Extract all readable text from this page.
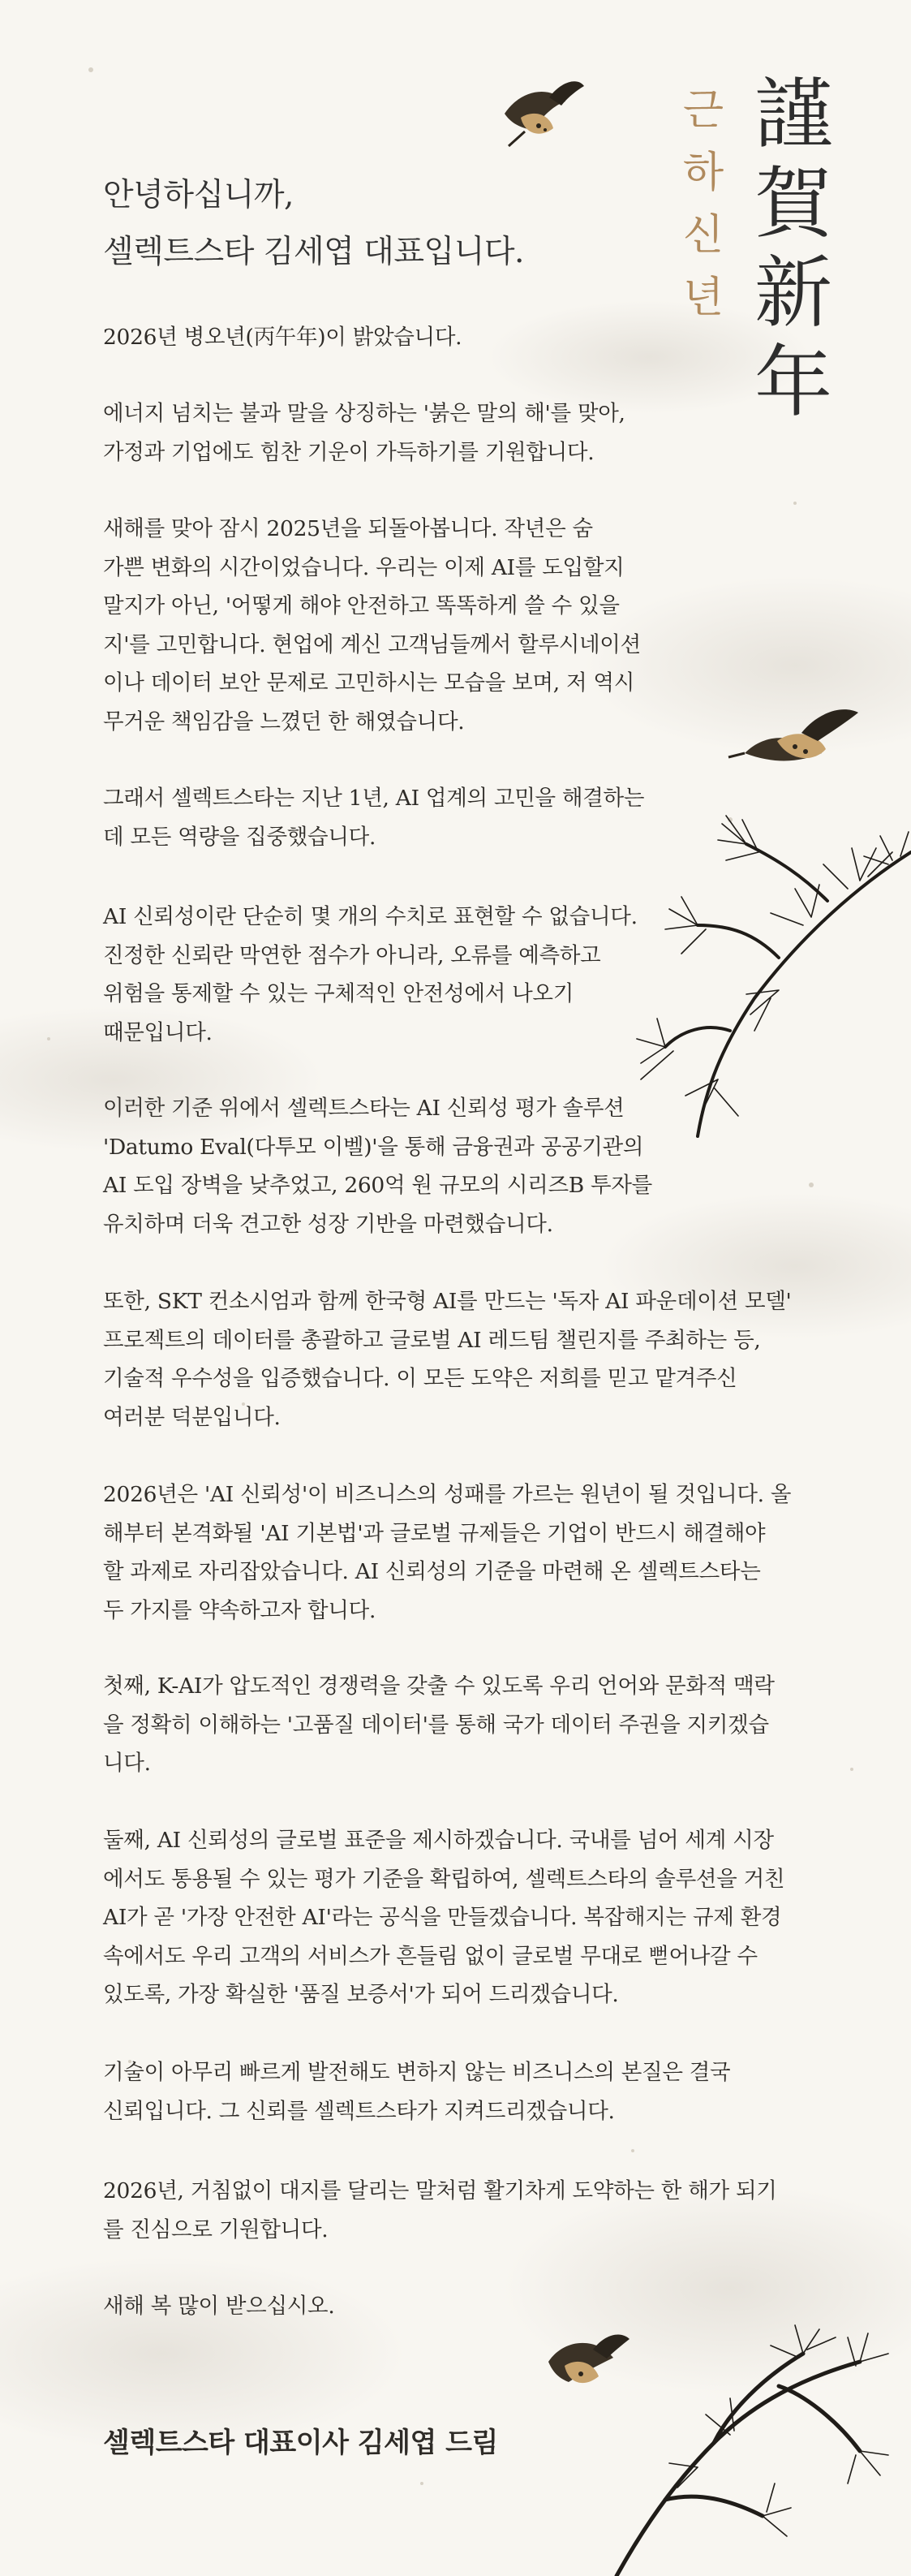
謹
賀
新
年
근
하
신
년
안녕하십니까,
셀렉트스타 김세엽 대표입니다.
2026년 병오년(丙午年)이 밝았습니다.
에너지 넘치는 불과 말을 상징하는 '붉은 말의 해'를 맞아,
가정과 기업에도 힘찬 기운이 가득하기를 기원합니다.
새해를 맞아 잠시 2025년을 되돌아봅니다. 작년은 숨
가쁜 변화의 시간이었습니다. 우리는 이제 AI를 도입할지
말지가 아닌, '어떻게 해야 안전하고 똑똑하게 쓸 수 있을
지'를 고민합니다. 현업에 계신 고객님들께서 할루시네이션
이나 데이터 보안 문제로 고민하시는 모습을 보며, 저 역시
무거운 책임감을 느꼈던 한 해였습니다.
그래서 셀렉트스타는 지난 1년, AI 업계의 고민을 해결하는
데 모든 역량을 집중했습니다.
AI 신뢰성이란 단순히 몇 개의 수치로 표현할 수 없습니다.
진정한 신뢰란 막연한 점수가 아니라, 오류를 예측하고
위험을 통제할 수 있는 구체적인 안전성에서 나오기
때문입니다.
이러한 기준 위에서 셀렉트스타는 AI 신뢰성 평가 솔루션
'Datumo Eval(다투모 이벨)'을 통해 금융권과 공공기관의
AI 도입 장벽을 낮추었고, 260억 원 규모의 시리즈B 투자를
유치하며 더욱 견고한 성장 기반을 마련했습니다.
또한, SKT 컨소시엄과 함께 한국형 AI를 만드는 '독자 AI 파운데이션 모델'
프로젝트의 데이터를 총괄하고 글로벌 AI 레드팀 챌린지를 주최하는 등,
기술적 우수성을 입증했습니다. 이 모든 도약은 저희를 믿고 맡겨주신
여러분 덕분입니다.
2026년은 'AI 신뢰성'이 비즈니스의 성패를 가르는 원년이 될 것입니다. 올
해부터 본격화될 'AI 기본법'과 글로벌 규제들은 기업이 반드시 해결해야
할 과제로 자리잡았습니다. AI 신뢰성의 기준을 마련해 온 셀렉트스타는
두 가지를 약속하고자 합니다.
첫째, K-AI가 압도적인 경쟁력을 갖출 수 있도록 우리 언어와 문화적 맥락
을 정확히 이해하는 '고품질 데이터'를 통해 국가 데이터 주권을 지키겠습
니다.
둘째, AI 신뢰성의 글로벌 표준을 제시하겠습니다. 국내를 넘어 세계 시장
에서도 통용될 수 있는 평가 기준을 확립하여, 셀렉트스타의 솔루션을 거친
AI가 곧 '가장 안전한 AI'라는 공식을 만들겠습니다. 복잡해지는 규제 환경
속에서도 우리 고객의 서비스가 흔들림 없이 글로벌 무대로 뻗어나갈 수
있도록, 가장 확실한 '품질 보증서'가 되어 드리겠습니다.
기술이 아무리 빠르게 발전해도 변하지 않는 비즈니스의 본질은 결국
신뢰입니다. 그 신뢰를 셀렉트스타가 지켜드리겠습니다.
2026년, 거침없이 대지를 달리는 말처럼 활기차게 도약하는 한 해가 되기
를 진심으로 기원합니다.
새해 복 많이 받으십시오.
셀렉트스타 대표이사 김세엽 드림
